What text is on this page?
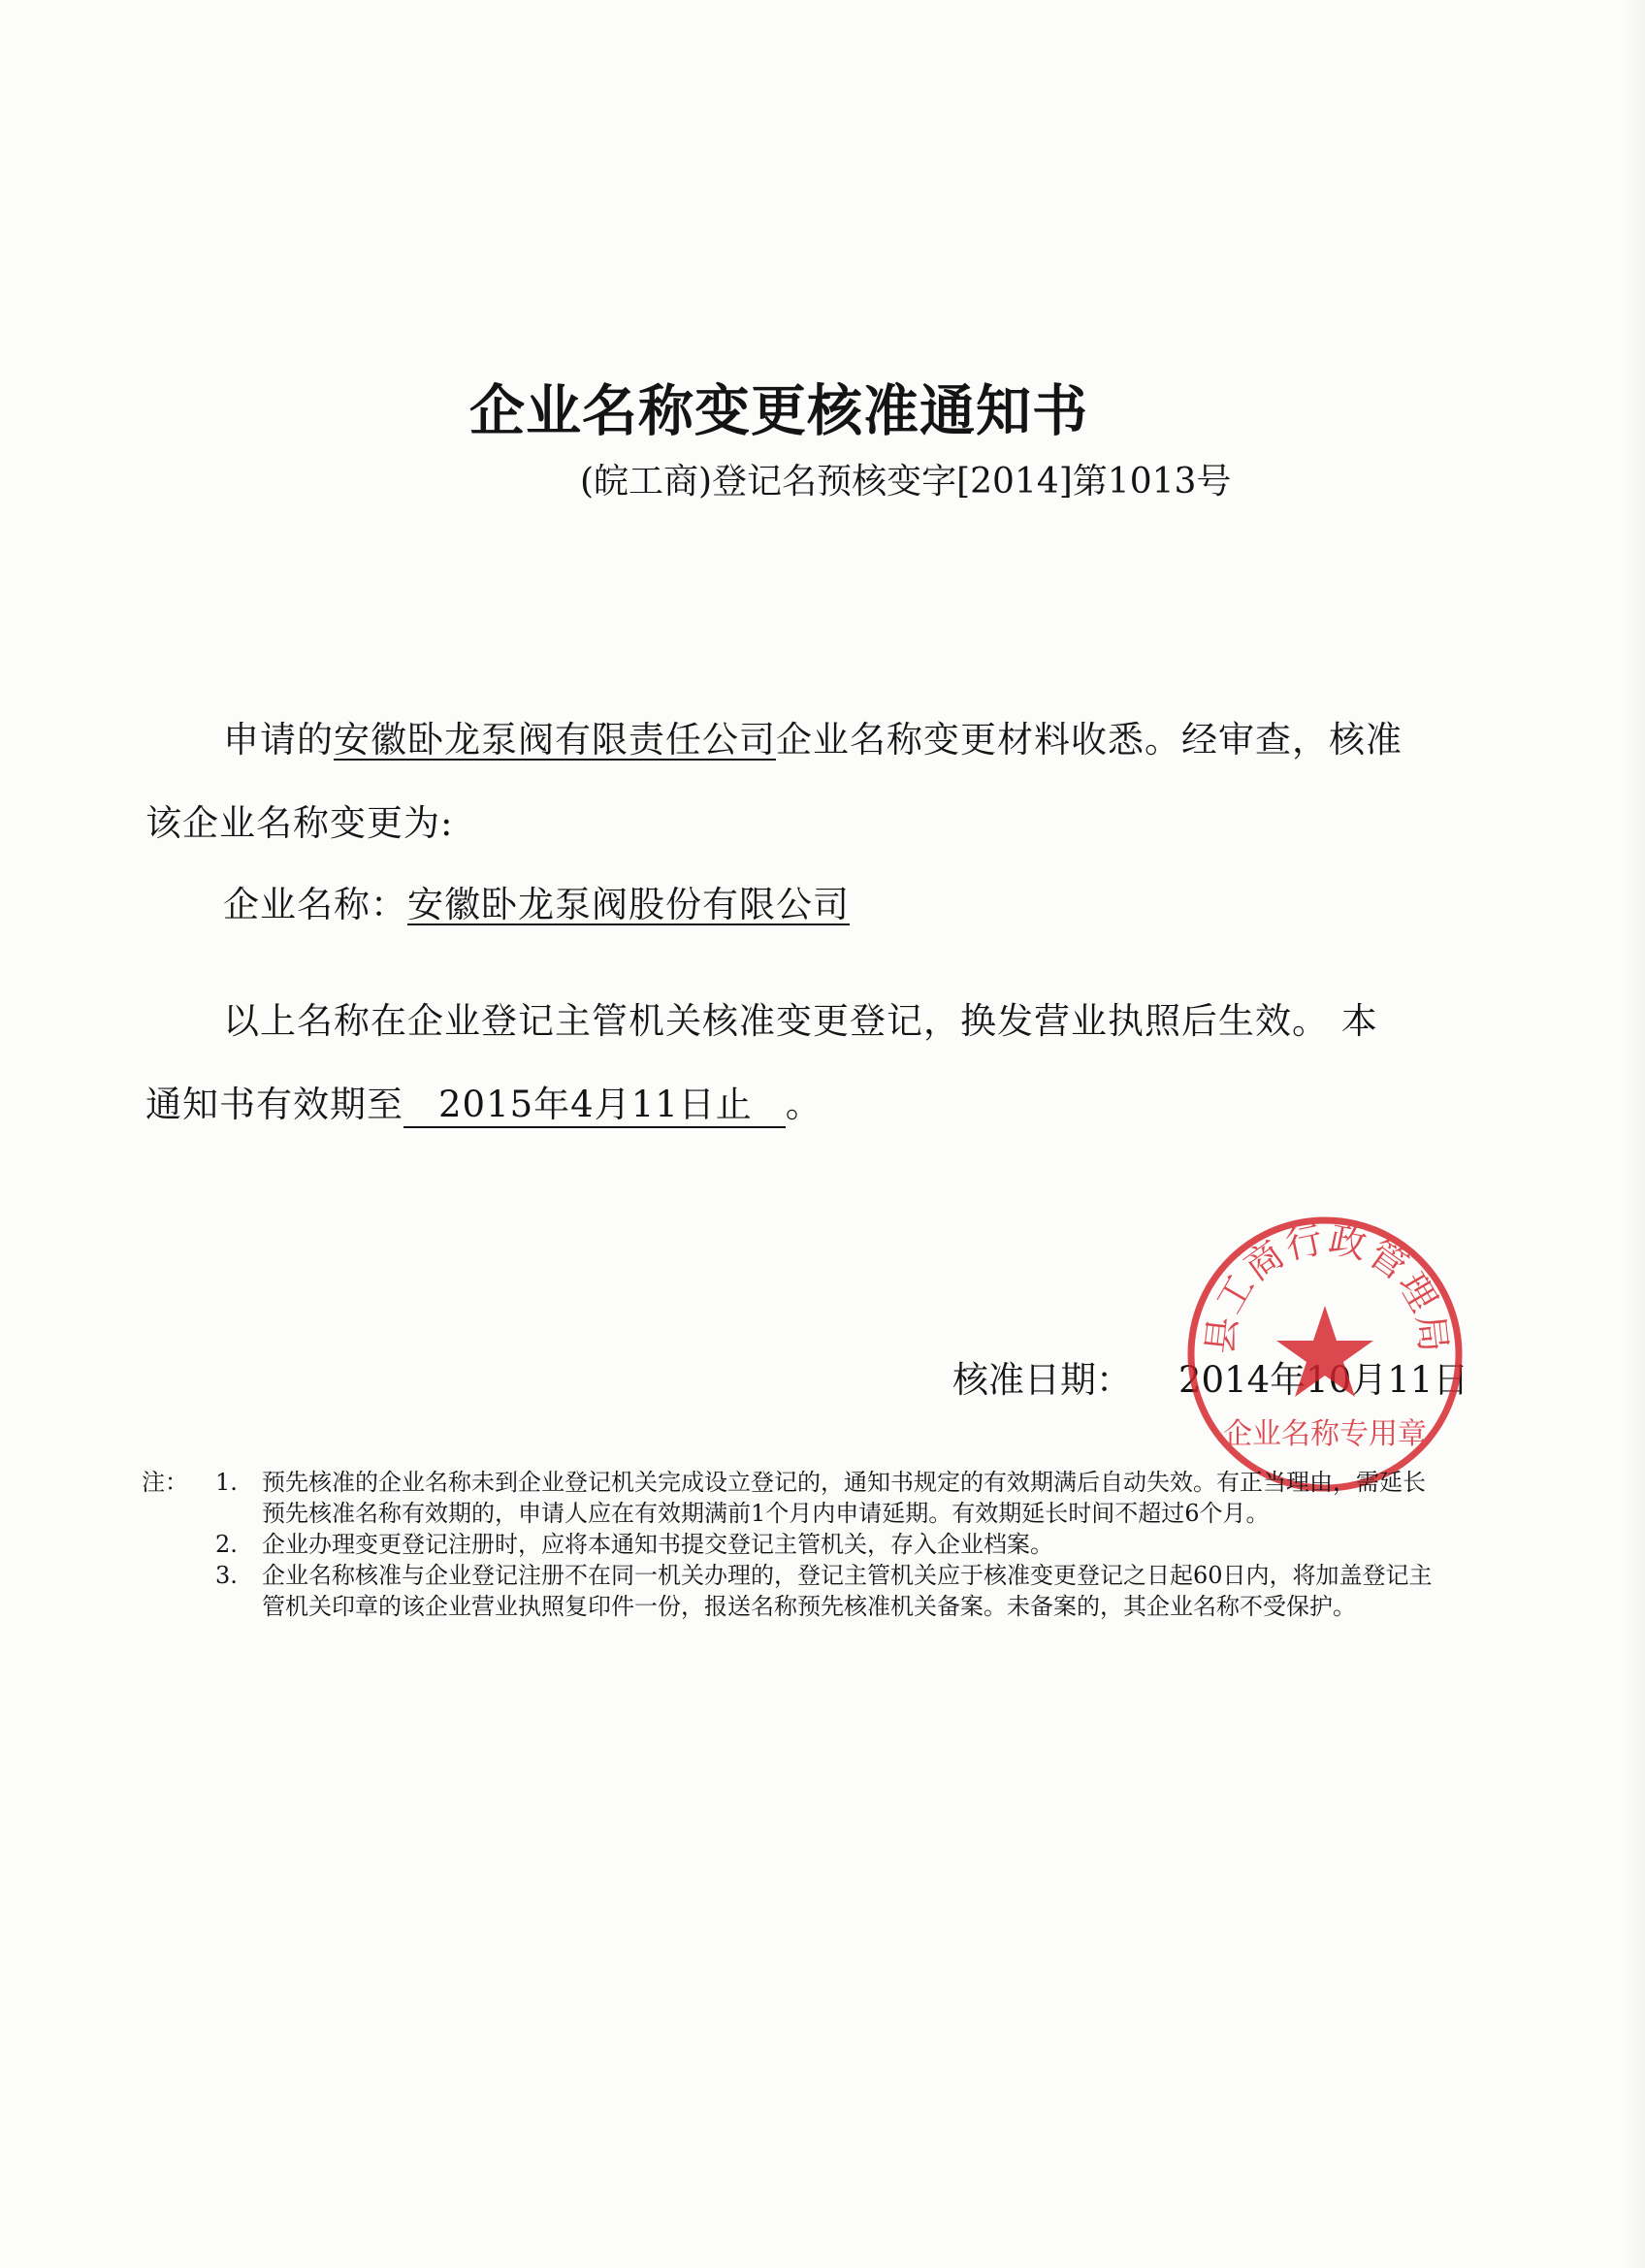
企业名称变更核准通知书
(皖工商)登记名预核变字[2014]第1013号
申请的安徽卧龙泵阀有限责任公司企业名称变更材料收悉。经审查，核准
该企业名称变更为:
企业名称：安徽卧龙泵阀股份有限公司
以上名称在企业登记主管机关核准变更登记，换发营业执照后生效。 本
通知书有效期至 2015年4月11日止 。
核准日期： 2014年10月11日
县工商行政管理局
企业名称专用章
注： 1. 预先核准的企业名称未到企业登记机关完成设立登记的，通知书规定的有效期满后自动失效。有正当理由，需延长预先核准名称有效期的，申请人应在有效期满前1个月内申请延期。有效期延长时间不超过6个月。
2. 企业办理变更登记注册时，应将本通知书提交登记主管机关，存入企业档案。
3. 企业名称核准与企业登记注册不在同一机关办理的，登记主管机关应于核准变更登记之日起60日内，将加盖登记主管机关印章的该企业营业执照复印件一份，报送名称预先核准机关备案。未备案的，其企业名称不受保护。
